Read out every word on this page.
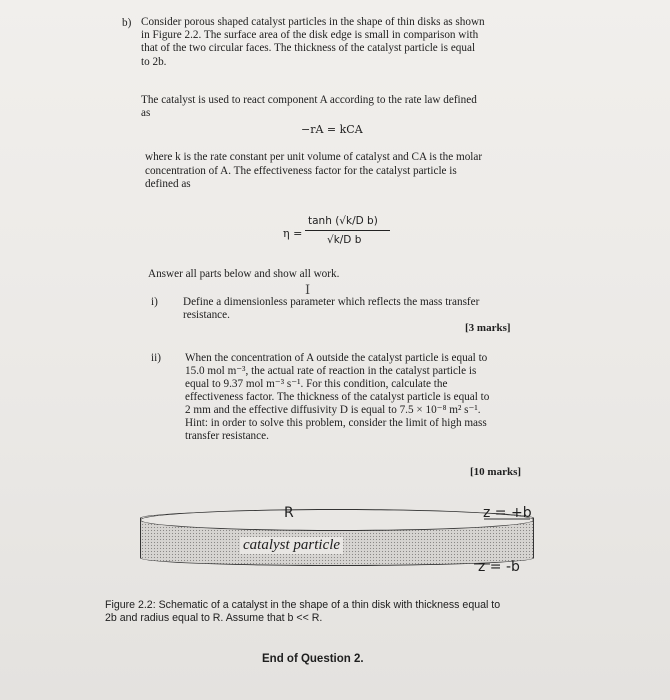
b) Consider porous shaped catalyst particles in the shape of thin disks as shown
in Figure 2.2. The surface area of the disk edge is small in comparison with
that of the two circular faces. The thickness of the catalyst particle is equal
to 2b.
The catalyst is used to react component A according to the rate law defined
as
−rA = kCA
where k is the rate constant per unit volume of catalyst and CA is the molar
concentration of A. The effectiveness factor for the catalyst particle is
defined as
η =
tanh (√k/D b)
√k/D b
Answer all parts below and show all work.
I
i) Define a dimensionless parameter which reflects the mass transfer
resistance.
[3 marks]
ii) When the concentration of A outside the catalyst particle is equal to
15.0 mol m⁻³, the actual rate of reaction in the catalyst particle is
equal to 9.37 mol m⁻³ s⁻¹. For this condition, calculate the
effectiveness factor. The thickness of the catalyst particle is equal to
2 mm and the effective diffusivity D is equal to 7.5 × 10⁻⁸ m² s⁻¹.
Hint: in order to solve this problem, consider the limit of high mass
transfer resistance.
[10 marks]
R
catalyst particle
z = +b
z = -b
Figure 2.2: Schematic of a catalyst in the shape of a thin disk with thickness equal to
2b and radius equal to R. Assume that b << R.
End of Question 2.
